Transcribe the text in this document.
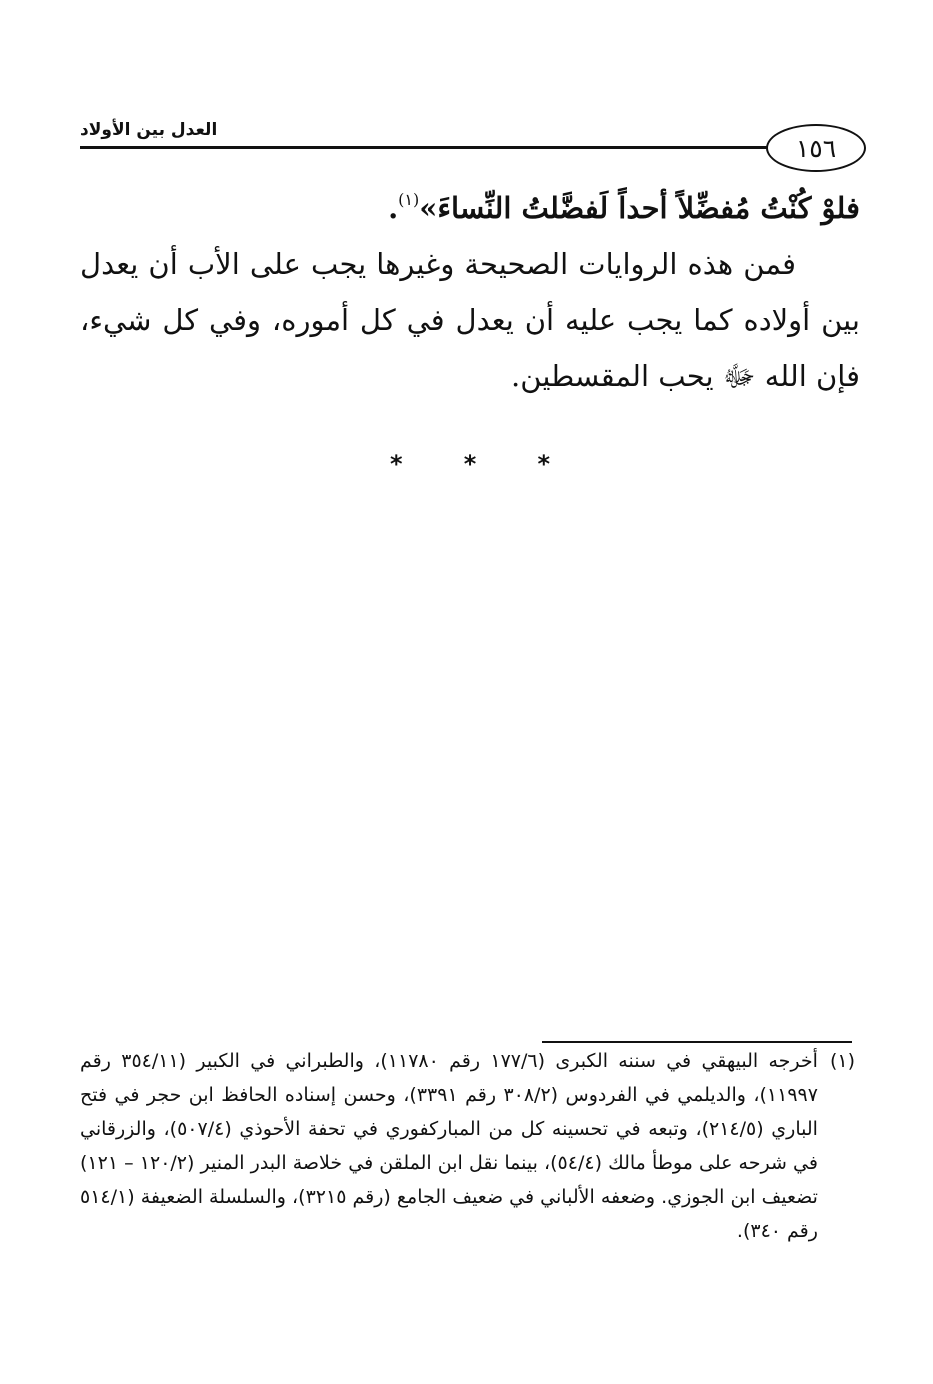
العدل بين الأولاد
١٥٦

فلوْ كُنْتُ مُفضِّلاً أحداً لَفضَّلتُ النِّساءَ»$^{(١)}$.

فمن هذه الروايات الصحيحة وغيرها يجب على الأب أن يعدل بين أولاده كما يجب عليه أن يعدل في كل أموره، وفي كل شيء، فإن الله ﷻ يحب المقسطين.

*	*	*
(١)
أخرجه البيهقي في سننه الكبرى (١٧٧/٦ رقم ١١٧٨٠)، والطبراني في الكبير (٣٥٤/١١ رقم ١١٩٩٧)، والديلمي في الفردوس (٣٠٨/٢ رقم ٣٣٩١)، وحسن إسناده الحافظ ابن حجر في فتح الباري (٢١٤/٥)، وتبعه في تحسينه كل من المباركفوري في تحفة الأحوذي (٥٠٧/٤)، والزرقاني في شرحه على موطأ مالك (٥٤/٤)، بينما نقل ابن الملقن في خلاصة البدر المنير (١٢٠/٢ – ١٢١) تضعيف ابن الجوزي. وضعفه الألباني في ضعيف الجامع (رقم ٣٢١٥)، والسلسلة الضعيفة (٥١٤/١ رقم ٣٤٠).
